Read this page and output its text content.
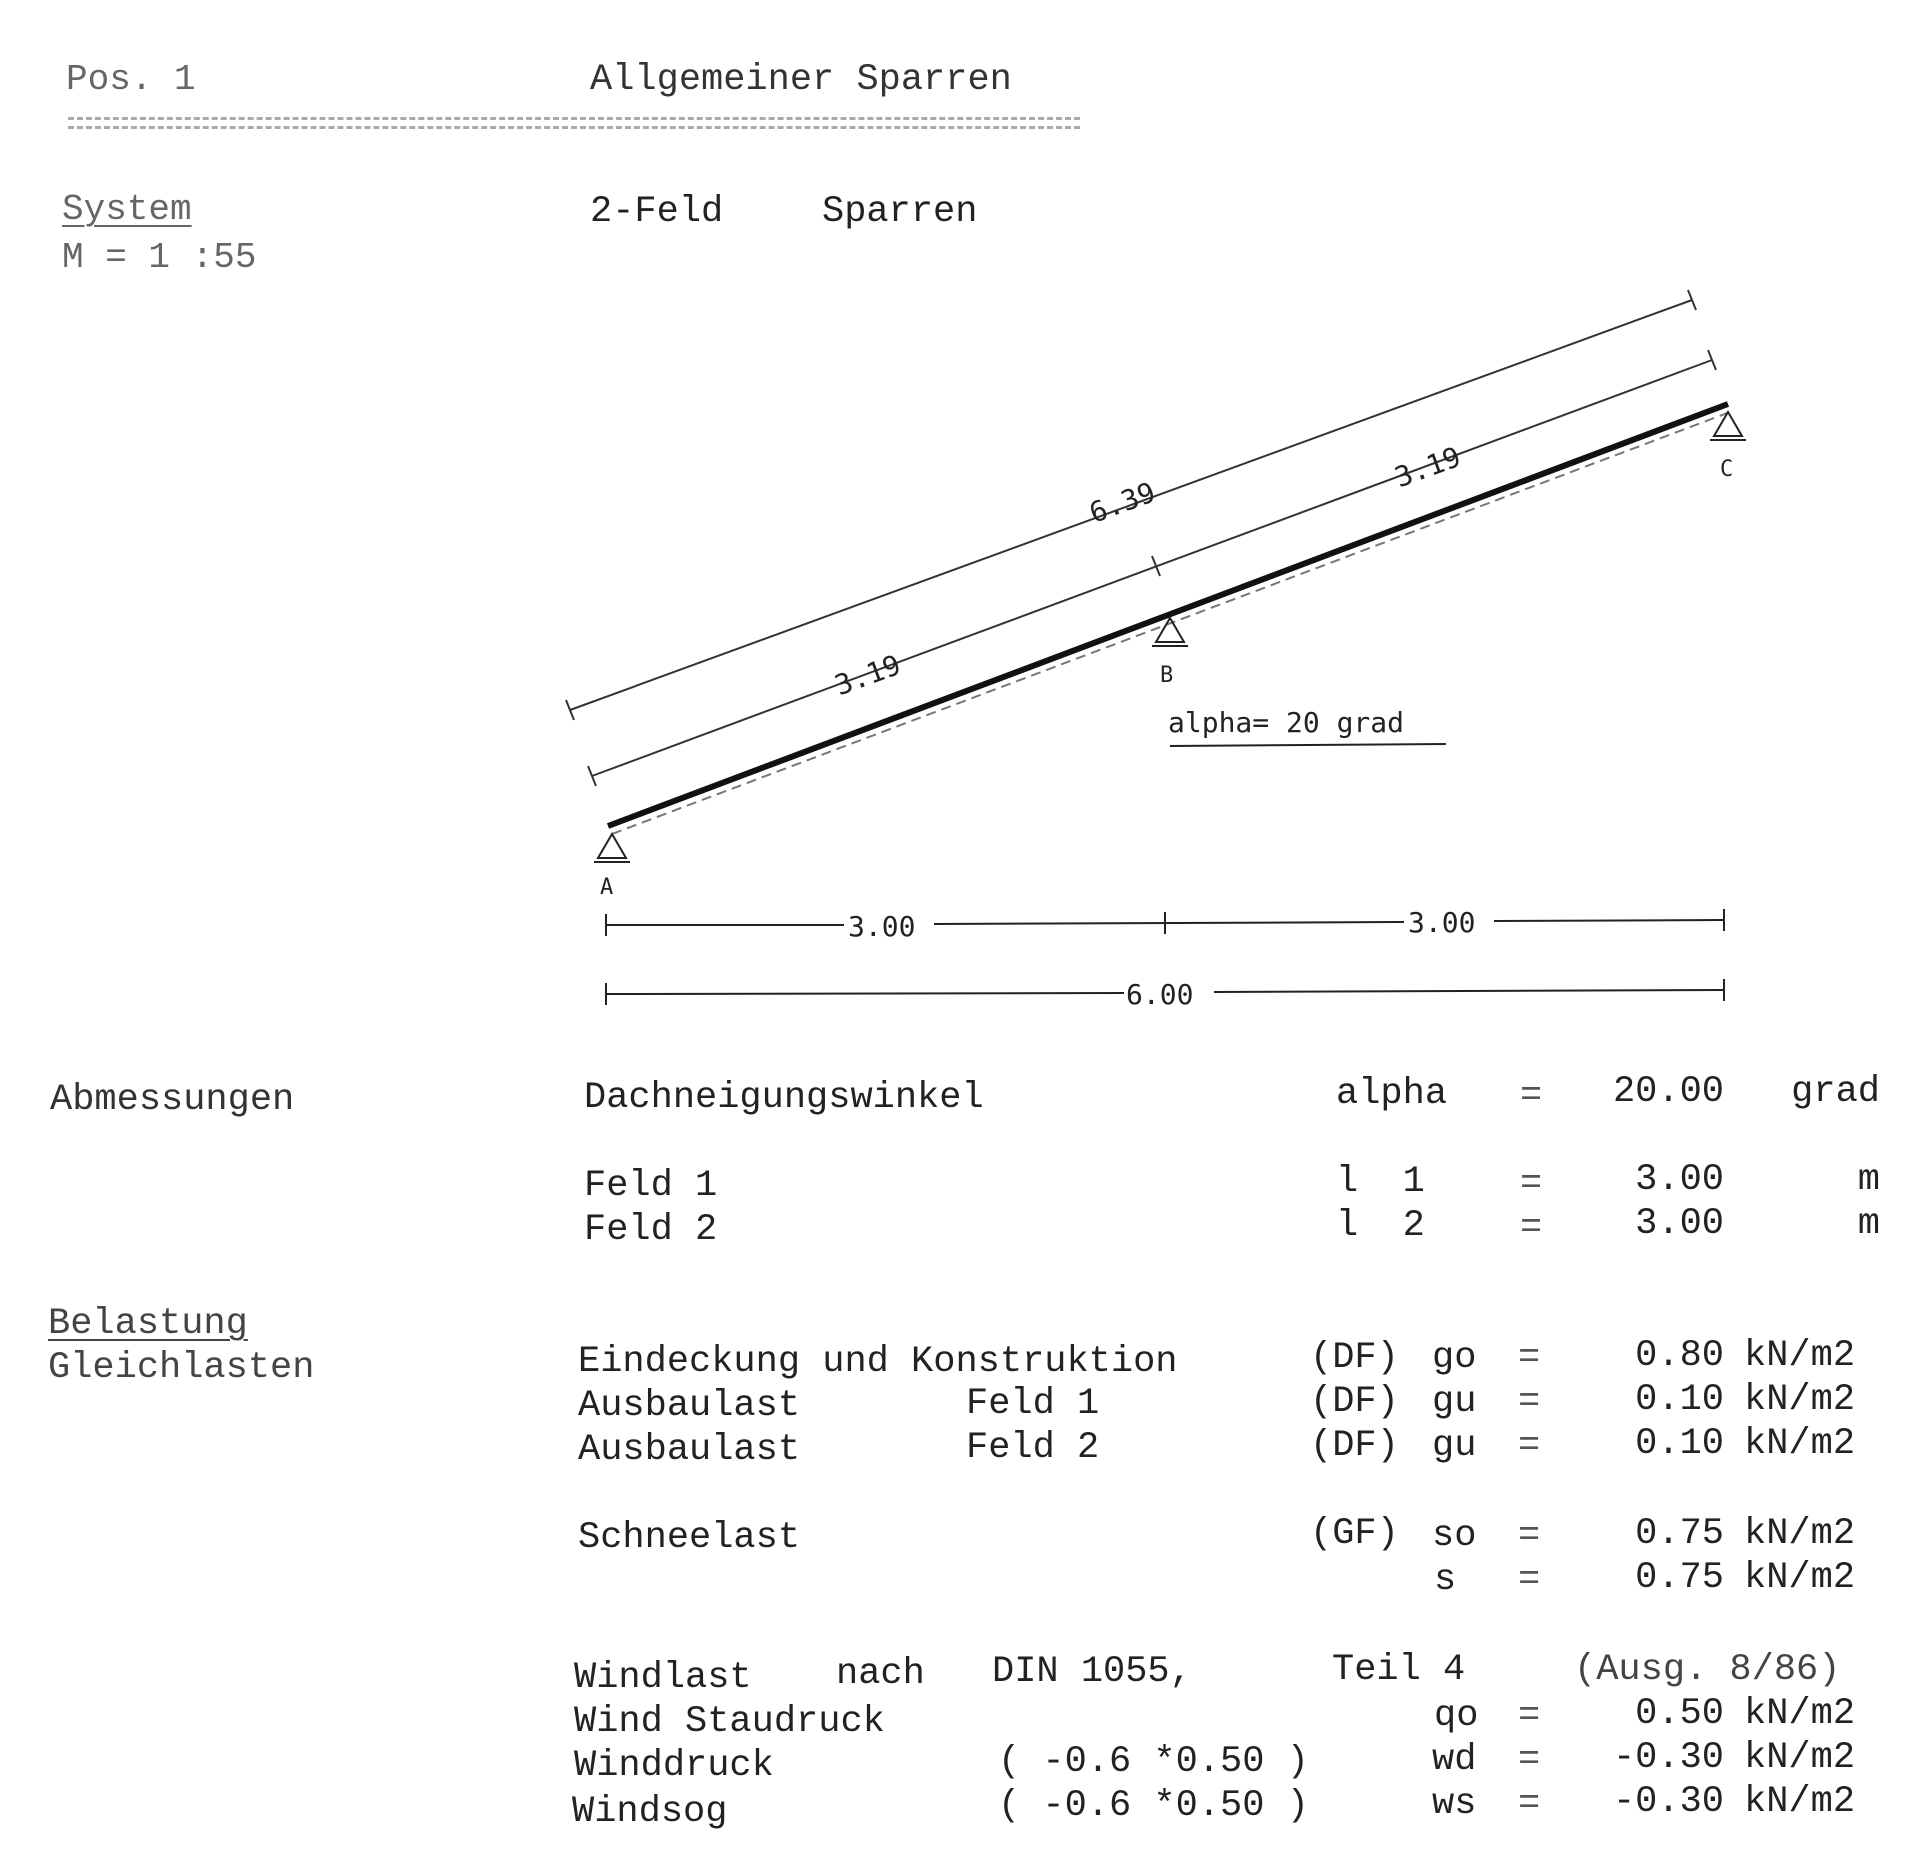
Pos. 1	Allgemeiner Sparren
System
M = 1 :55
2-Feld	Sparren
6.39
3.19
3.19
A
B
C
alpha= 20 grad
3.00	3.00
6.00
Abmessungen	Dachneigungswinkel	alpha =	20.00	grad
Feld 1	l  1	=	3.00	m
Feld 2	l  2	=	3.00	m
Belastung
Gleichlasten	Eindeckung und Konstruktion	(DF) go =	0.80 kN/m2
Ausbaulast	Feld 1	(DF) gu =	0.10 kN/m2
Ausbaulast	Feld 2	(DF) gu =	0.10 kN/m2
Schneelast	(GF) so =	0.75 kN/m2
s =	0.75 kN/m2
Windlast nach DIN 1055,	Teil 4	(Ausg. 8/86)
Wind Staudruck	qo =	0.50 kN/m2
Winddruck	( -0.6 *0.50 )	wd =	-0.30 kN/m2
Windsog	( -0.6 *0.50 )	ws =	-0.30 kN/m2
